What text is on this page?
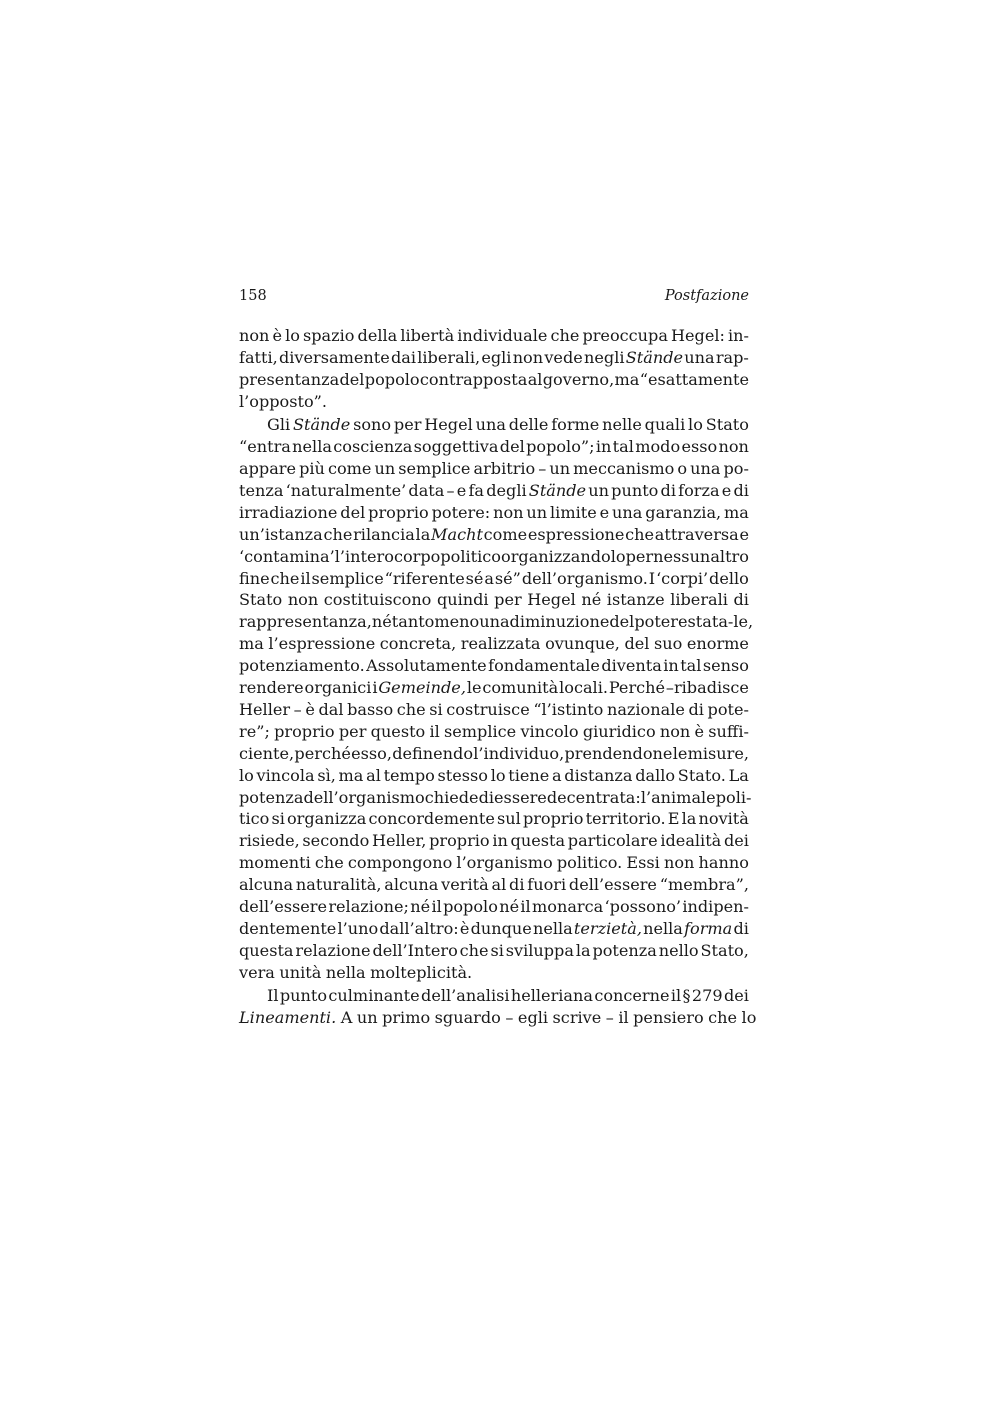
158	Postfazione
non è lo spazio della libertà individuale che preoccupa Hegel: in-
fatti, diversamente dai liberali, egli non vede negli Stände una rap-
presentanza del popolo contrapposta al governo, ma “esattamente
l’opposto”.
Gli Stände sono per Hegel una delle forme nelle quali lo Stato
“entra nella coscienza soggettiva del popolo”; in tal modo esso non
appare più come un semplice arbitrio – un meccanismo o una po-
tenza ‘naturalmente’ data – e fa degli Stände un punto di forza e di
irradiazione del proprio potere: non un limite e una garanzia, ma
un’istanza che rilancia la Macht come espressione che attraversa e
‘contamina’ l’intero corpo politico organizzandolo per nessun altro
fine che il semplice “riferente sé a sé” dell’organismo. I ‘corpi’ dello
Stato non costituiscono quindi per Hegel né istanze liberali di
rappresentanza, né tantomeno una diminuzione del potere stata- le,
ma l’espressione concreta, realizzata ovunque, del suo enorme
potenziamento. Assolutamente fondamentale diventa in tal senso
rendere organici i Gemeinde, le comunità locali. Perché –ribadisce
Heller – è dal basso che si costruisce “l’istinto nazionale di pote-
re”; proprio per questo il semplice vincolo giuridico non è suffi-
ciente, perché esso, definendo l’individuo, prendendone le misure,
lo vincola sì, ma al tempo stesso lo tiene a distanza dallo Stato. La
potenza dell’organismo chiede di essere decentrata: l’animale poli-
tico si organizza concordemente sul proprio territorio. E la novità
risiede, secondo Heller, proprio in questa particolare idealità dei
momenti che compongono l’organismo politico. Essi non hanno
alcuna naturalità, alcuna verità al di fuori dell’essere “membra”,
dell’essere relazione; né il popolo né il monarca ‘possono’ indipen-
dentemente l’uno dall’altro: è dunque nella terzietà, nella forma di
questa relazione dell’Intero che si sviluppa la potenza nello Stato,
vera unità nella molteplicità.
Il punto culminante dell’analisi helleriana concerne il § 279 dei
Lineamenti. A un primo sguardo – egli scrive – il pensiero che lo
